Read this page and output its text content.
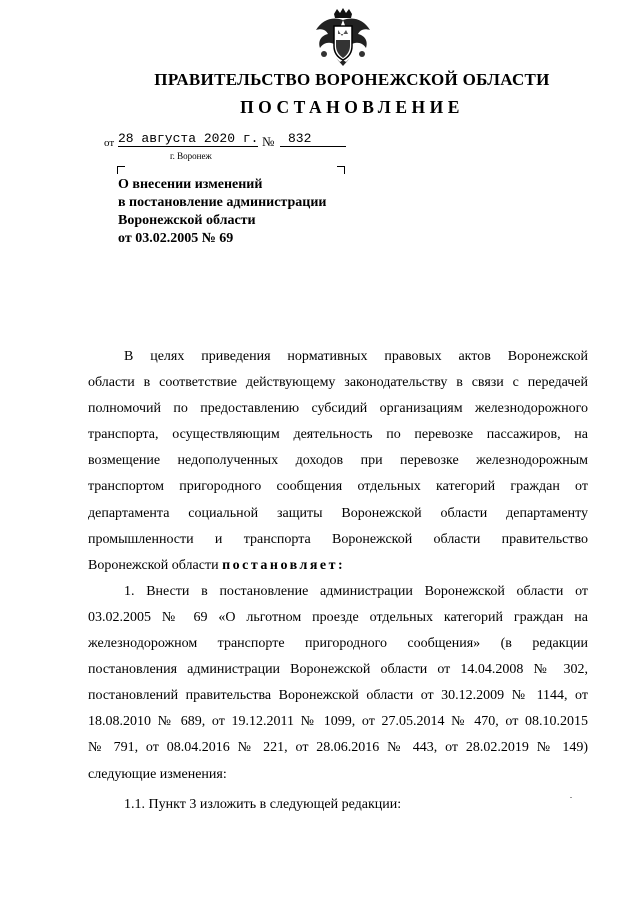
ПРАВИТЕЛЬСТВО ВОРОНЕЖСКОЙ ОБЛАСТИ
ПОСТАНОВЛЕНИЕ
от 28 августа 2020 г. № 832
г. Воронеж
О внесении изменений
в постановление администрации
Воронежской области
от 03.02.2005 № 69
В целях приведения нормативных правовых актов Воронежской
области в соответствие действующему законодательству в связи с передачей
полномочий по предоставлению субсидий организациям железнодорожного
транспорта, осуществляющим деятельность по перевозке пассажиров, на
возмещение недополученных доходов при перевозке железнодорожным
транспортом пригородного сообщения отдельных категорий граждан от
департамента социальной защиты Воронежской области департаменту
промышленности и транспорта Воронежской области правительство
Воронежской области постановляет:
1. Внести в постановление администрации Воронежской области от
03.02.2005 № 69 «О льготном проезде отдельных категорий граждан на
железнодорожном транспорте пригородного сообщения» (в редакции
постановления администрации Воронежской области от 14.04.2008 № 302,
постановлений правительства Воронежской области от 30.12.2009 № 1144, от
18.08.2010 № 689, от 19.12.2011 № 1099, от 27.05.2014 № 470, от 08.10.2015
№ 791, от 08.04.2016 № 221, от 28.06.2016 № 443, от 28.02.2019 № 149)
следующие изменения:
1.1. Пункт 3 изложить в следующей редакции:
